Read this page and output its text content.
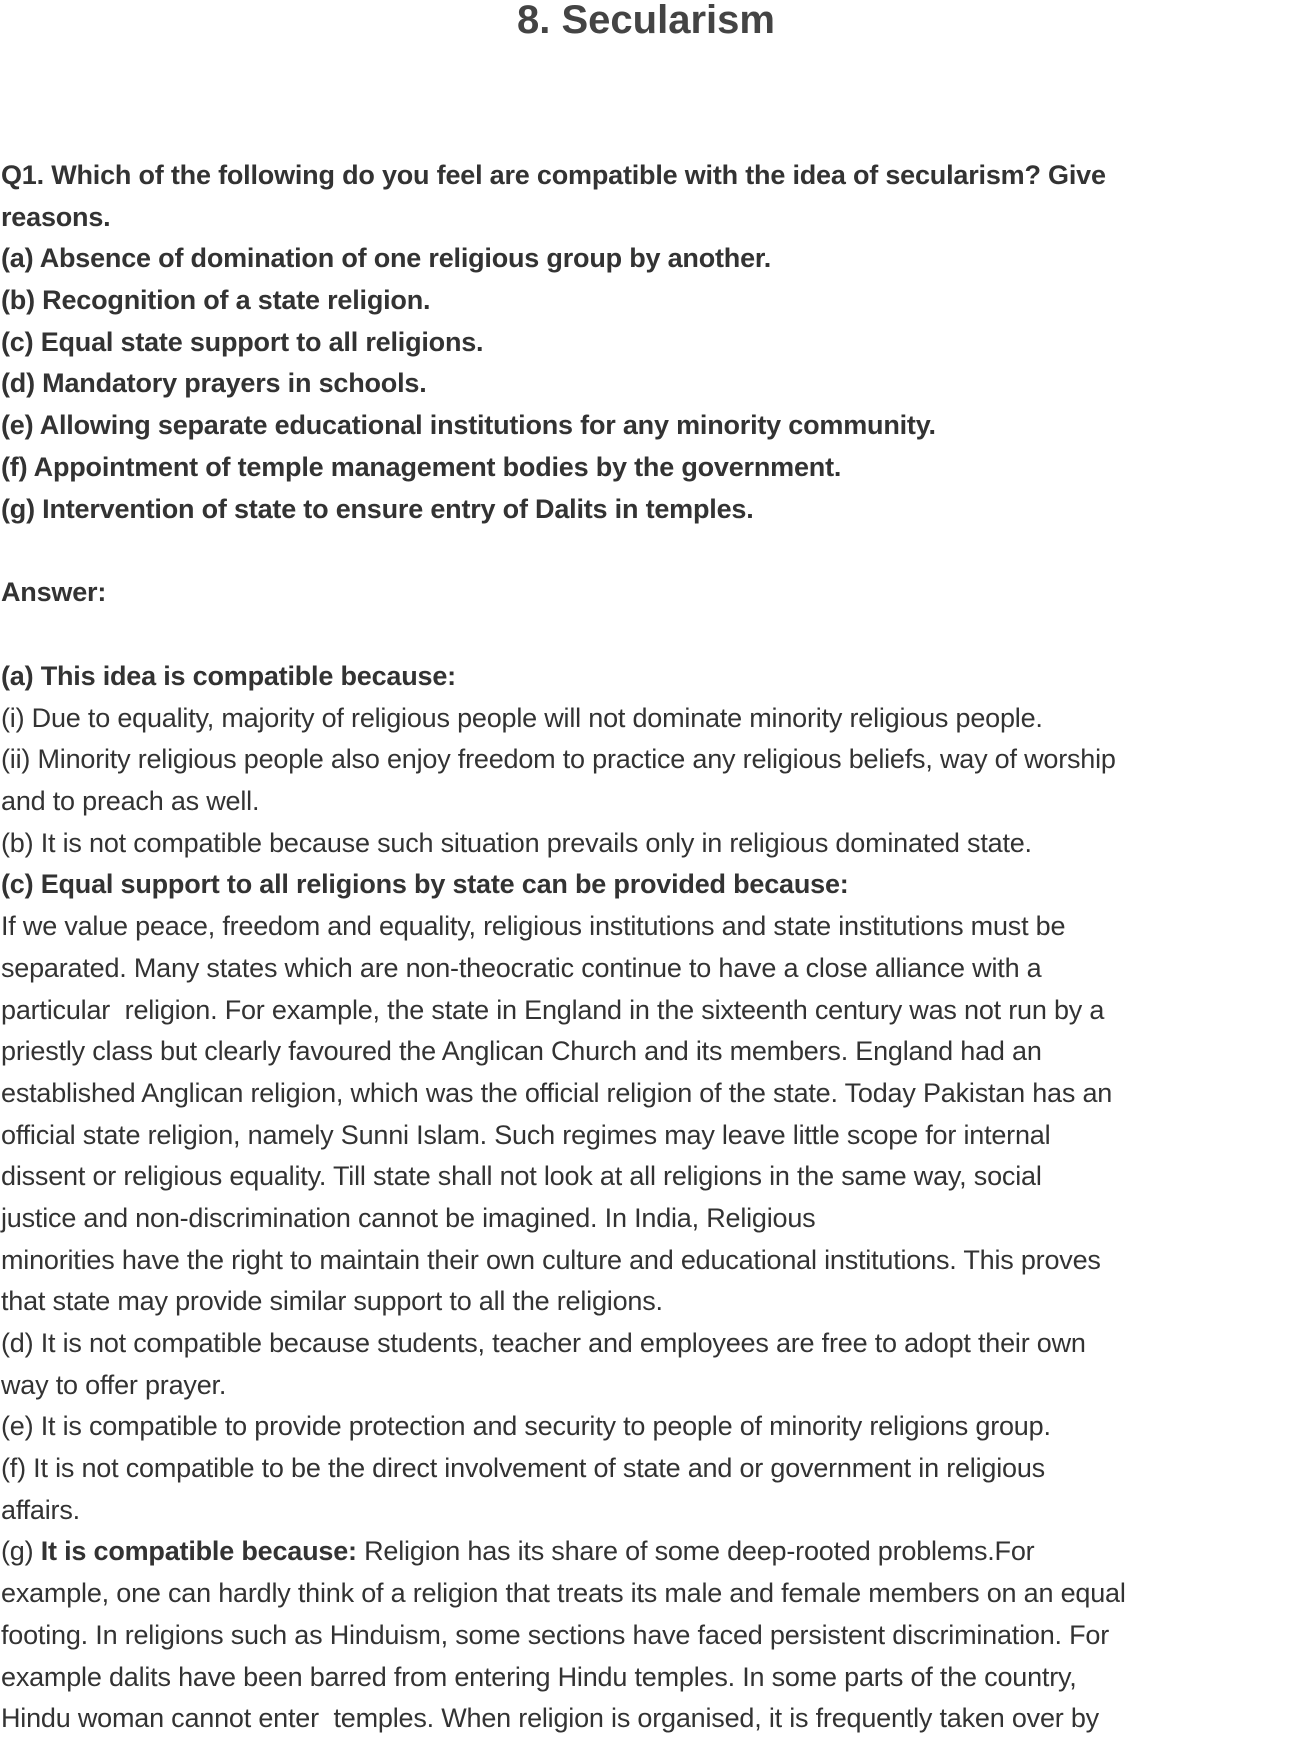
8. Secularism
Q1. Which of the following do you feel are compatible with the idea of secularism? Give
reasons.
(a) Absence of domination of one religious group by another.
(b) Recognition of a state religion.
(c) Equal state support to all religions.
(d) Mandatory prayers in schools.
(e) Allowing separate educational institutions for any minority community.
(f) Appointment of temple management bodies by the government.
(g) Intervention of state to ensure entry of Dalits in temples.
Answer:
(a) This idea is compatible because:
(i) Due to equality, majority of religious people will not dominate minority religious people.
(ii) Minority religious people also enjoy freedom to practice any religious beliefs, way of worship
and to preach as well.
(b) It is not compatible because such situation prevails only in religious dominated state.
(c) Equal support to all religions by state can be provided because:
If we value peace, freedom and equality, religious institutions and state institutions must be
separated. Many states which are non-theocratic continue to have a close alliance with a
particular  religion. For example, the state in England in the sixteenth century was not run by a
priestly class but clearly favoured the Anglican Church and its members. England had an
established Anglican religion, which was the official religion of the state. Today Pakistan has an
official state religion, namely Sunni Islam. Such regimes may leave little scope for internal
dissent or religious equality. Till state shall not look at all religions in the same way, social
justice and non-discrimination cannot be imagined. In India, Religious
minorities have the right to maintain their own culture and educational institutions. This proves
that state may provide similar support to all the religions.
(d) It is not compatible because students, teacher and employees are free to adopt their own
way to offer prayer.
(e) It is compatible to provide protection and security to people of minority religions group.
(f) It is not compatible to be the direct involvement of state and or government in religious
affairs.
(g) It is compatible because: Religion has its share of some deep-rooted problems.For
example, one can hardly think of a religion that treats its male and female members on an equal
footing. In religions such as Hinduism, some sections have faced persistent discrimination. For
example dalits have been barred from entering Hindu temples. In some parts of the country,
Hindu woman cannot enter  temples. When religion is organised, it is frequently taken over by
